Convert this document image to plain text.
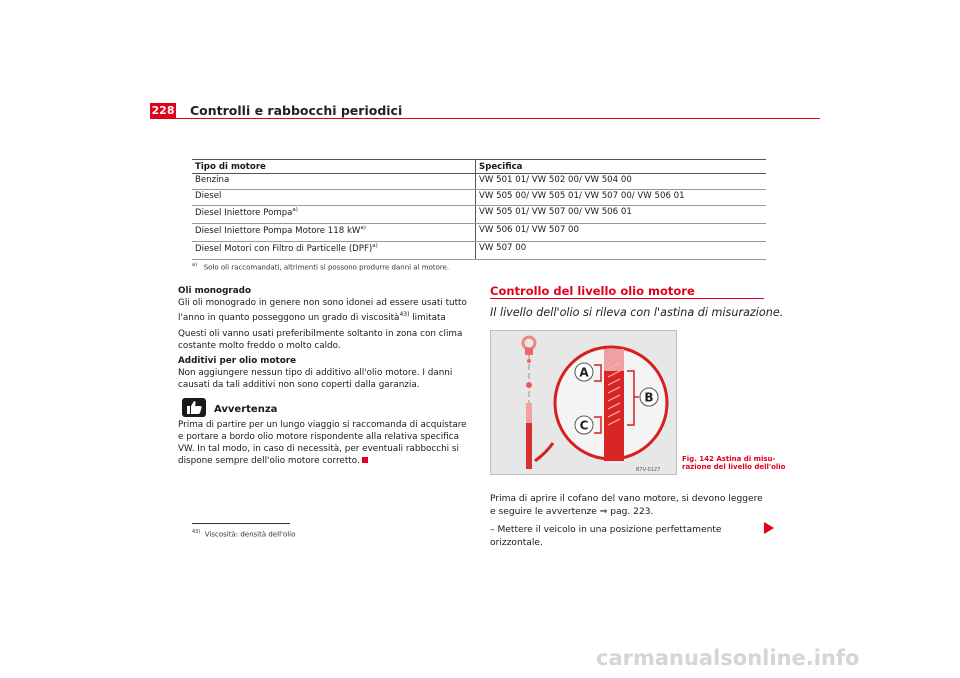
228 Controlli e rabbocchi periodici
Tipo di motore	Specifica
Benzina	VW 501 01/ VW 502 00/ VW 504 00
Diesel	VW 505 00/ VW 505 01/ VW 507 00/ VW 506 01
Diesel Iniettore Pompa$^{a)}$	VW 505 01/ VW 507 00/ VW 506 01
Diesel Iniettore Pompa Motore 118 $kW^{a)}$	VW 506 01/ VW 507 00
Diesel Motori con Filtro di Particelle (DPF)$^{a)}$	VW 507 00
$^{a)}$ Solo oli raccomandati, altrimenti si possono produrre danni al motore.

Oli monogrado

Gli oli monogrado in genere non sono idonei ad essere usati tutto l'anno in quanto posseggono un grado di viscosità$^{43)}$ limitata

Questi oli vanno usati preferibilmente soltanto in zona con clima costante molto freddo o molto caldo.

Additivi per olio motore

Non aggiungere nessun tipo di additivo all'olio motore. I danni causati da tali additivi non sono coperti dalla garanzia.

Avvertenza

Prima di partire per un lungo viaggio si raccomanda di acquistare e portare a bordo olio motore rispondente alla relativa specifica VW. In tal modo, in caso di necessità, per eventuali rabbocchi si dispone sempre dell'olio motore corretto.

$^{43)}$ Viscosità: densità dell'olio
Controllo del livello olio motore
Il livello dell'olio si rileva con l'astina di misurazione.
A
B
C
B7V-0127
Fig. 142 Astina di misu-
razione del livello dell'olio

Prima di aprire il cofano del vano motore, si devono leggere e seguire le avvertenze ⇒ pag. 223.

– Mettere il veicolo in una posizione perfettamente orizzontale.

carmanualsonline.info
